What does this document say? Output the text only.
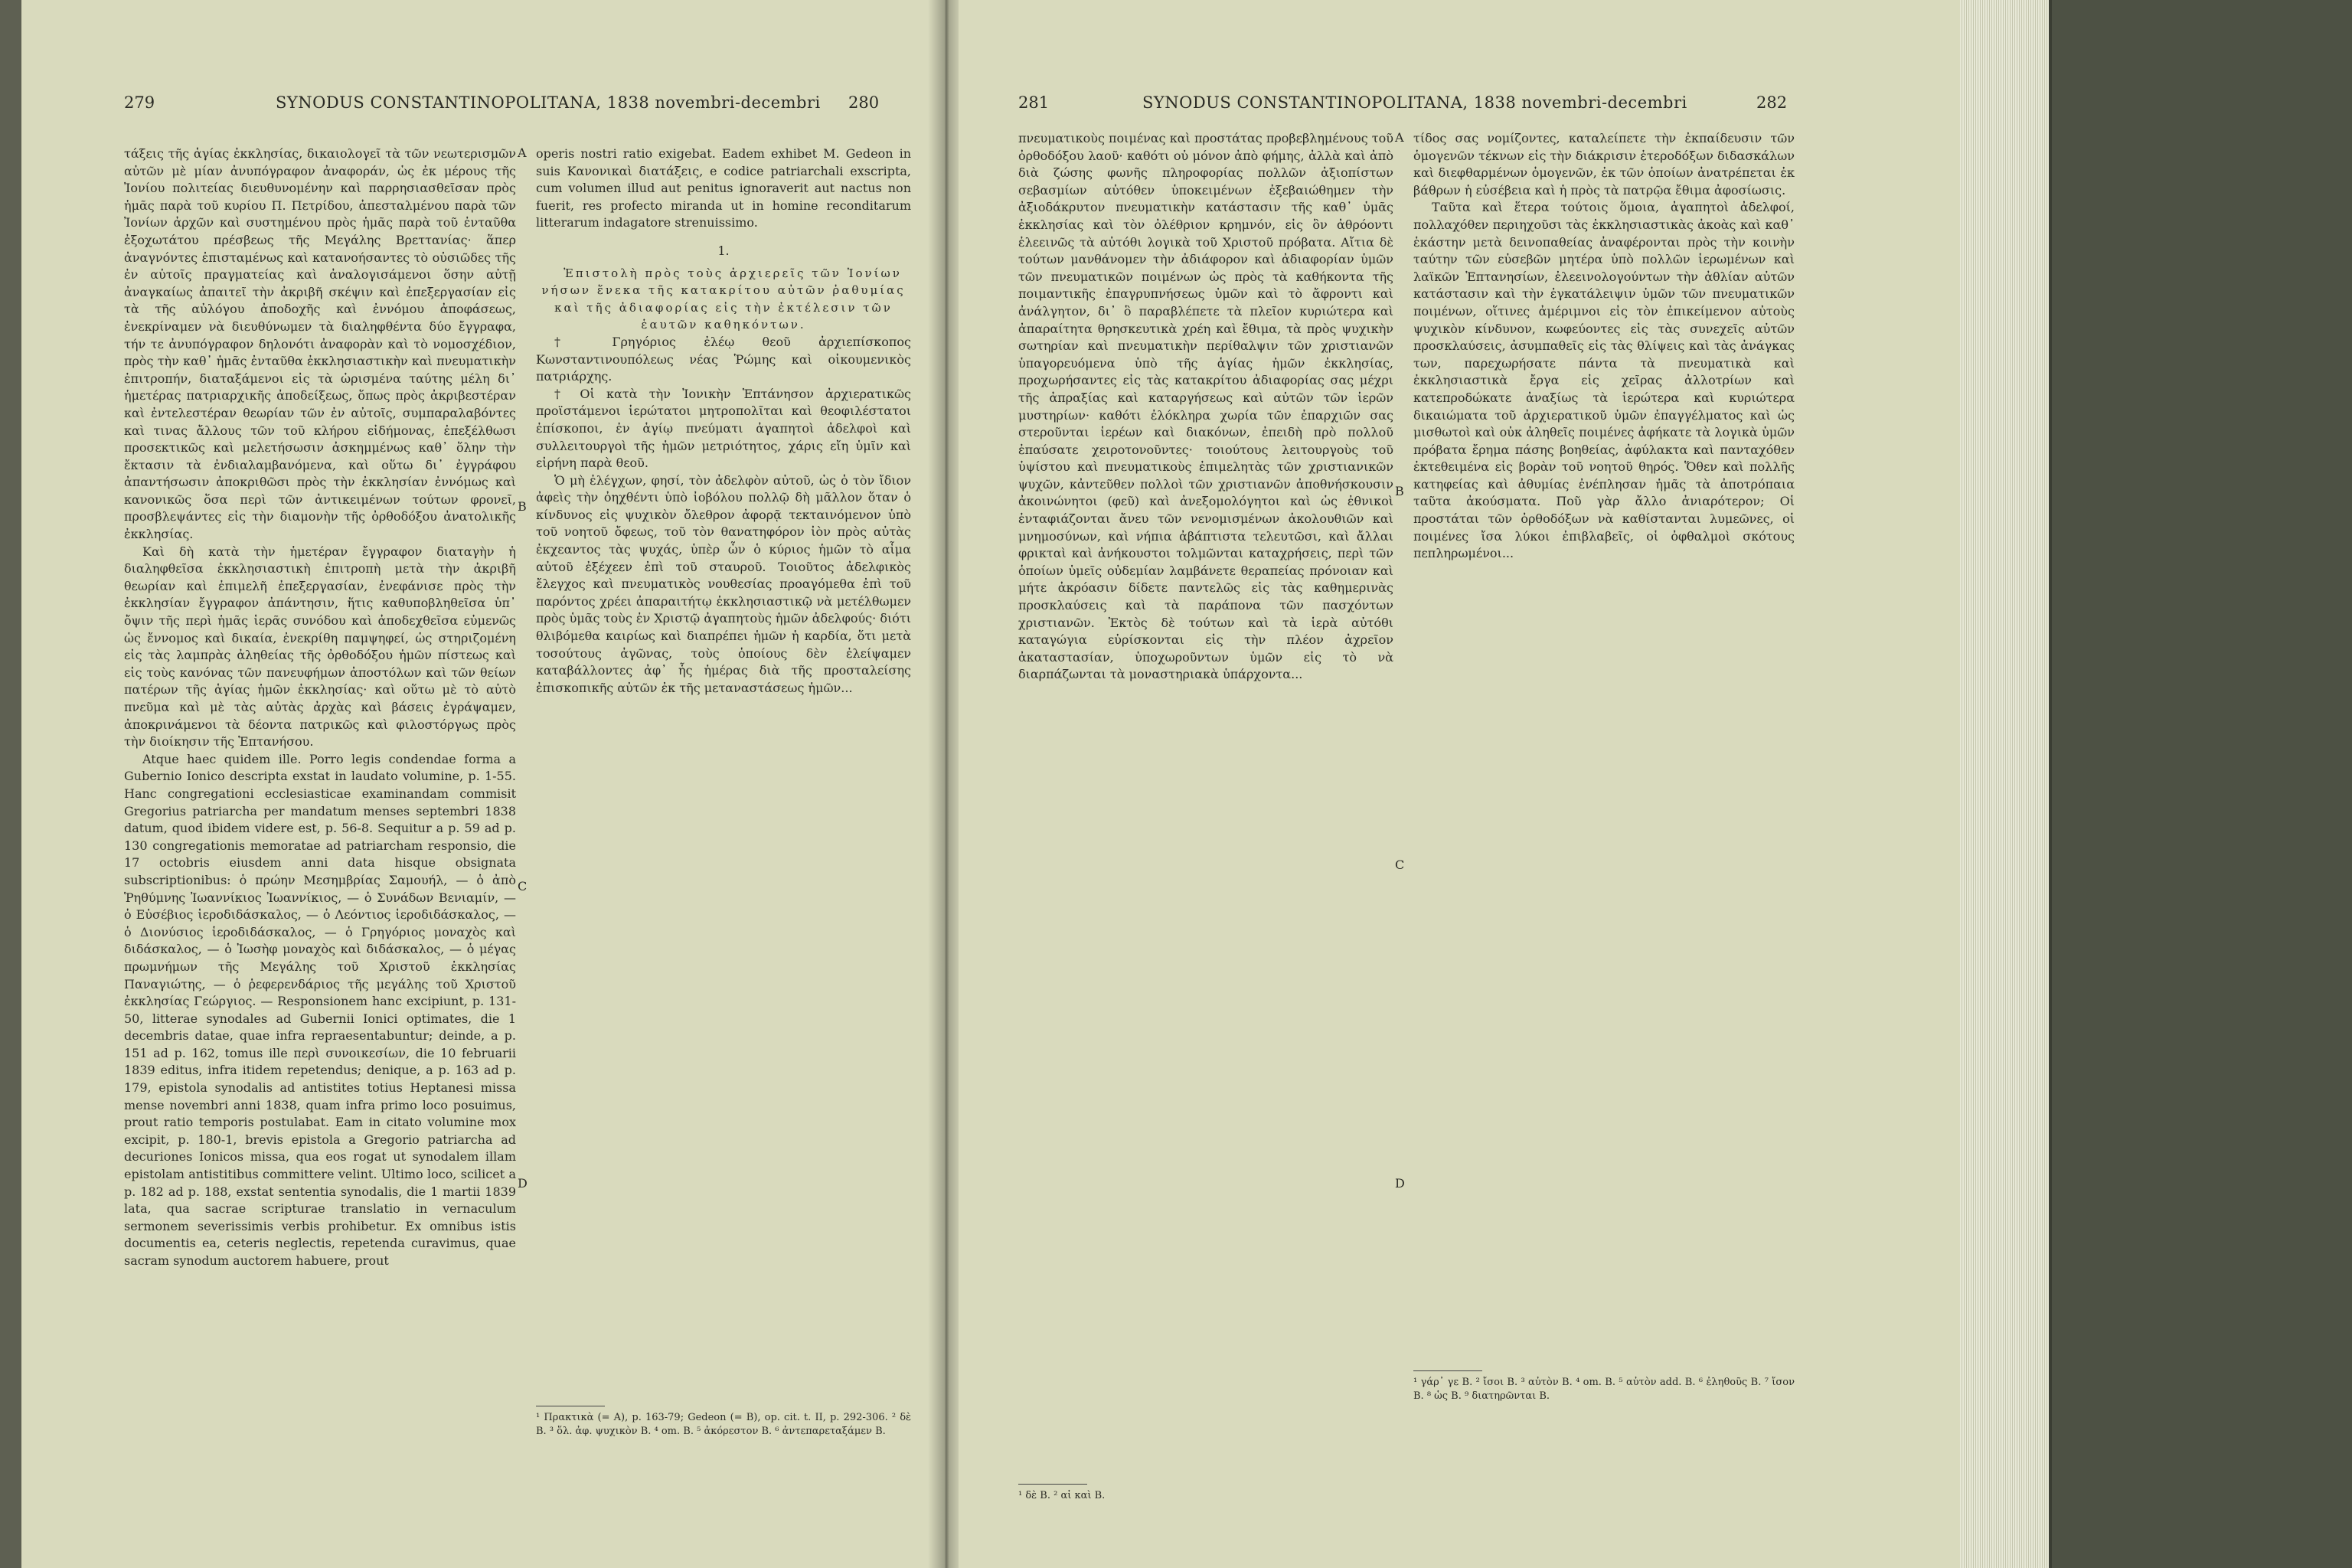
279	SYNODUS CONSTANTINOPOLITANA, 1838 novembri-decembri 280

τάξεις τῆς ἁγίας ἐκκλησίας, δικαιολογεῖ τὰ τῶν νεωτερισμῶν αὐτῶν μὲ μίαν ἀνυπόγραφον ἀναφοράν, ὡς ἐκ μέρους τῆς Ἰονίου πολιτείας διευθυνομένην καὶ παρρησιασθεῖσαν πρὸς ἡμᾶς παρὰ τοῦ κυρίου Π. Πετρίδου, ἀπεσταλμένου παρὰ τῶν Ἰονίων ἀρχῶν καὶ συστημένου πρὸς ἡμᾶς παρὰ τοῦ ἐνταῦθα ἐξοχωτάτου πρέσβεως τῆς Μεγάλης Βρεττανίας· ἅπερ ἀναγνόντες ἐπισταμένως καὶ κατανοήσαντες τὸ οὐσιῶδες τῆς ἐν αὐτοῖς πραγματείας καὶ ἀναλογισάμενοι ὅσην αὐτῇ ἀναγκαίως ἀπαιτεῖ τὴν ἀκριβῆ σκέψιν καὶ ἐπεξεργασίαν εἰς τὰ τῆς αὐλόγου ἀποδοχῆς καὶ ἐννόμου ἀποφάσεως, ἐνεκρίναμεν νὰ διευθύνωμεν τὰ διαληφθέντα δύο ἔγγραφα, τήν τε ἀνυπόγραφον δηλονότι ἀναφορὰν καὶ τὸ νομοσχέδιον, πρὸς τὴν καθ᾽ ἡμᾶς ἐνταῦθα ἐκκλησιαστικὴν καὶ πνευματικὴν ἐπιτροπήν, διαταξάμενοι εἰς τὰ ὡρισμένα ταύτης μέλη δι᾽ ἡμετέρας πατριαρχικῆς ἀποδείξεως, ὅπως πρὸς ἀκριβεστέραν καὶ ἐντελεστέραν θεωρίαν τῶν ἐν αὐτοῖς, συμπαραλαβόντες καὶ τινας ἄλλους τῶν τοῦ κλήρου εἰδήμονας, ἐπεξέλθωσι προσεκτικῶς καὶ μελετήσωσιν ἀσκημμένως καθ᾽ ὅλην τὴν ἔκτασιν τὰ ἐνδιαλαμβανόμενα, καὶ οὕτω δι᾽ ἐγγράφου ἀπαντήσωσιν ἀποκριθῶσι πρὸς τὴν ἐκκλησίαν ἐννόμως καὶ κανονικῶς ὅσα περὶ τῶν ἀντικειμένων τούτων φρονεῖ, προσβλεψάντες εἰς τὴν διαμονὴν τῆς ὀρθοδόξου ἀνατολικῆς ἐκκλησίας.

Καὶ δὴ κατὰ τὴν ἡμετέραν ἔγγραφον διαταγὴν ἡ διαληφθεῖσα ἐκκλησιαστικὴ ἐπιτροπὴ μετὰ τὴν ἀκριβῆ θεωρίαν καὶ ἐπιμελῆ ἐπεξεργασίαν, ἐνεφάνισε πρὸς τὴν ἐκκλησίαν ἔγγραφον ἀπάντησιν, ἥτις καθυποβληθεῖσα ὑπ᾽ ὄψιν τῆς περὶ ἡμᾶς ἱερᾶς συνόδου καὶ ἀποδεχθεῖσα εὐμενῶς ὡς ἔννομος καὶ δικαία, ἐνεκρίθη παμψηφεί, ὡς στηριζομένη εἰς τὰς λαμπρὰς ἀληθείας τῆς ὀρθοδόξου ἡμῶν πίστεως καὶ εἰς τοὺς κανόνας τῶν πανευφήμων ἀποστόλων καὶ τῶν θείων πατέρων τῆς ἁγίας ἡμῶν ἐκκλησίας· καὶ οὕτω μὲ τὸ αὐτὸ πνεῦμα καὶ μὲ τὰς αὐτὰς ἀρχὰς καὶ βάσεις ἐγράψαμεν, ἀποκρινάμενοι τὰ δέοντα πατρικῶς καὶ φιλοστόργως πρὸς τὴν διοίκησιν τῆς Ἑπτανήσου.

Atque haec quidem ille. Porro legis condendae forma a Gubernio Ionico descripta exstat in laudato volumine, p. 1-55. Hanc congregationi ecclesiasticae examinandam commisit Gregorius patriarcha per mandatum menses septembri 1838 datum, quod ibidem videre est, p. 56-8. Sequitur a p. 59 ad p. 130 congregationis memoratae ad patriarcham responsio, die 17 octobris eiusdem anni data hisque obsignata subscriptionibus: ὁ πρώην Μεσημβρίας Σαμουήλ, — ὁ ἀπὸ Ῥηθύμνης Ἰωαννίκιος Ἰωαννίκιος, — ὁ Συνάδων Βενιαμίν, — ὁ Εὐσέβιος ἱεροδιδάσκαλος, — ὁ Λεόντιος ἱεροδιδάσκαλος, — ὁ Διονύσιος ἱεροδιδάσκαλος, — ὁ Γρηγόριος μοναχὸς καὶ διδάσκαλος, — ὁ Ἰωσὴφ μοναχὸς καὶ διδάσκαλος, — ὁ μέγας πρωμνήμων τῆς Μεγάλης τοῦ Χριστοῦ ἐκκλησίας Παναγιώτης, — ὁ ῥεφερενδάριος τῆς μεγάλης τοῦ Χριστοῦ ἐκκλησίας Γεώργιος. — Responsionem hanc excipiunt, p. 131-50, litterae synodales ad Gubernii Ionici optimates, die 1 decembris datae, quae infra repraesentabuntur; deinde, a p. 151 ad p. 162, tomus ille περὶ συνοικεσίων, die 10 februarii 1839 editus, infra itidem repetendus; denique, a p. 163 ad p. 179, epistola synodalis ad antistites totius Heptanesi missa mense novembri anni 1838, quam infra primo loco posuimus, prout ratio temporis postulabat. Eam in citato volumine mox excipit, p. 180-1, brevis epistola a Gregorio patriarcha ad decuriones Ionicos missa, qua eos rogat ut synodalem illam epistolam antistitibus committere velint. Ultimo loco, scilicet a p. 182 ad p. 188, exstat sententia synodalis, die 1 martii 1839 lata, qua sacrae scripturae translatio in vernaculum sermonem severissimis verbis prohibetur. Ex omnibus istis documentis ea, ceteris neglectis, repetenda curavimus, quae sacram synodum auctorem habuere, prout

A
B
C
D

operis nostri ratio exigebat. Eadem exhibet M. Gedeon in suis Κανονικαὶ διατάξεις, e codice patriarchali exscripta, cum volumen illud aut penitus ignoraverit aut nactus non fuerit, res profecto miranda ut in homine reconditarum litterarum indagatore strenuissimo.

1.

Ἐπιστολὴ πρὸς τοὺς ἀρχιερεῖς τῶν Ἰονίων νήσων ἕνεκα τῆς κατακρίτου αὐτῶν ῥαθυμίας καὶ τῆς ἀδιαφορίας εἰς τὴν ἐκτέλεσιν τῶν ἑαυτῶν καθηκόντων.

† Γρηγόριος ἐλέῳ θεοῦ ἀρχιεπίσκοπος Κωνσταντινουπόλεως νέας Ῥώμης καὶ οἰκουμενικὸς πατριάρχης.

† Οἱ κατὰ τὴν Ἰονικὴν Ἑπτάνησον ἀρχιερατικῶς προϊστάμενοι ἱερώτατοι μητροπολῖται καὶ θεοφιλέστατοι ἐπίσκοποι, ἐν ἁγίῳ πνεύματι ἀγαπητοὶ ἀδελφοὶ καὶ συλλειτουργοὶ τῆς ἡμῶν μετριότητος, χάρις εἴη ὑμῖν καὶ εἰρήνη παρὰ θεοῦ.

Ὁ μὴ ἐλέγχων, φησί, τὸν ἀδελφὸν αὐτοῦ, ὡς ὁ τὸν ἴδιον ἀφεὶς τὴν ὀηχθέντι ὑπὸ ἰοβόλου πολλῷ δὴ μᾶλλον ὅταν ὁ κίνδυνος εἰς ψυχικὸν ὄλεθρον ἀφορᾷ τεκταινόμενον ὑπὸ τοῦ νοητοῦ ὄφεως, τοῦ τὸν θανατηφόρον ἰὸν πρὸς αὐτὰς ἐκχεαντος τὰς ψυχάς, ὑπὲρ ὧν ὁ κύριος ἡμῶν τὸ αἷμα αὐτοῦ ἐξέχεεν ἐπὶ τοῦ σταυροῦ. Τοιοῦτος ἀδελφικὸς ἔλεγχος καὶ πνευματικὸς νουθεσίας προαγόμεθα ἐπὶ τοῦ παρόντος χρέει ἀπαραιτήτῳ ἐκκλησιαστικῷ νὰ μετέλθωμεν πρὸς ὑμᾶς τοὺς ἐν Χριστῷ ἀγαπητοὺς ἡμῶν ἀδελφούς· διότι θλιβόμεθα καιρίως καὶ διαπρέπει ἡμῶν ἡ καρδία, ὅτι μετὰ τοσούτους ἀγῶνας, τοὺς ὁποίους δὲν ἐλείψαμεν καταβάλλοντες ἀφ᾽ ἧς ἡμέρας διὰ τῆς προσταλείσης ἐπισκοπικῆς αὐτῶν ἐκ τῆς μεταναστάσεως ἡμῶν...

¹ Πρακτικὰ (= A), p. 163-79; Gedeon (= B), op. cit. t. II, p. 292-306. ² δὲ B. ³ ὅλ. ἀφ. ψυχικὸν B. ⁴ om. B. ⁵ ἀκόρεστον B. ⁶ ἀντεπαρεταξάμεν B.
281	SYNODUS CONSTANTINOPOLITANA, 1838 novembri-decembri	282

πνευματικοὺς ποιμένας καὶ προστάτας προβεβλημένους τοῦ ὀρθοδόξου λαοῦ· καθότι οὐ μόνον ἀπὸ φήμης, ἀλλὰ καὶ ἀπὸ διὰ ζώσης φωνῆς πληροφορίας πολλῶν ἀξιοπίστων σεβασμίων αὐτόθεν ὑποκειμένων ἐξεβαιώθημεν τὴν ἀξιοδάκρυτον πνευματικὴν κατάστασιν τῆς καθ᾽ ὑμᾶς ἐκκλησίας καὶ τὸν ὀλέθριον κρημνόν, εἰς ὃν ἀθρόοντι ἐλεεινῶς τὰ αὐτόθι λογικὰ τοῦ Χριστοῦ πρόβατα. Αἴτια δὲ τούτων μανθάνομεν τὴν ἀδιάφορον καὶ ἀδιαφορίαν ὑμῶν τῶν πνευματικῶν ποιμένων ὡς πρὸς τὰ καθήκοντα τῆς ποιμαντικῆς ἐπαγρυπνήσεως ὑμῶν καὶ τὸ ἄφροντι καὶ ἀνάλγητον, δι᾽ ὃ παραβλέπετε τὰ πλεῖον κυριώτερα καὶ ἀπαραίτητα θρησκευτικὰ χρέη καὶ ἔθιμα, τὰ πρὸς ψυχικὴν σωτηρίαν καὶ πνευματικὴν περίθαλψιν τῶν χριστιανῶν ὑπαγορευόμενα ὑπὸ τῆς ἁγίας ἡμῶν ἐκκλησίας, προχωρήσαντες εἰς τὰς κατακρίτου ἀδιαφορίας σας μέχρι τῆς ἀπραξίας καὶ καταργήσεως καὶ αὐτῶν τῶν ἱερῶν μυστηρίων· καθότι ἐλόκληρα χωρία τῶν ἐπαρχιῶν σας στεροῦνται ἱερέων καὶ διακόνων, ἐπειδὴ πρὸ πολλοῦ ἐπαύσατε χειροτονοῦντες· τοιούτους λειτουργοὺς τοῦ ὑψίστου καὶ πνευματικοὺς ἐπιμελητὰς τῶν χριστιανικῶν ψυχῶν, κἀντεῦθεν πολλοὶ τῶν χριστιανῶν ἀποθνήσκουσιν ἀκοινώνητοι (φεῦ) καὶ ἀνεξομολόγητοι καὶ ὡς ἐθνικοὶ ἐνταφιάζονται ἄνευ τῶν νενομισμένων ἀκολουθιῶν καὶ μνημοσύνων, καὶ νήπια ἀβάπτιστα τελευτῶσι, καὶ ἄλλαι φρικταὶ καὶ ἀνήκουστοι τολμῶνται καταχρήσεις, περὶ τῶν ὁποίων ὑμεῖς οὐδεμίαν λαμβάνετε θεραπείας πρόνοιαν καὶ μήτε ἀκρόασιν δίδετε παντελῶς εἰς τὰς καθημερινὰς προσκλαύσεις καὶ τὰ παράπονα τῶν πασχόντων χριστιανῶν. Ἐκτὸς δὲ τούτων καὶ τὰ ἱερὰ αὐτόθι καταγώγια εὑρίσκονται εἰς τὴν πλέον ἀχρεῖον ἀκαταστασίαν, ὑποχωροῦντων ὑμῶν εἰς τὸ νὰ διαρπάζωνται τὰ μοναστηριακὰ ὑπάρχοντα...

A
B
C
D

τίδος σας νομίζοντες, καταλείπετε τὴν ἐκπαίδευσιν τῶν ὁμογενῶν τέκνων εἰς τὴν διάκρισιν ἑτεροδόξων διδασκάλων καὶ διεφθαρμένων ὁμογενῶν, ἐκ τῶν ὁποίων ἀνατρέπεται ἐκ βάθρων ἡ εὐσέβεια καὶ ἡ πρὸς τὰ πατρῷα ἔθιμα ἀφοσίωσις.

Ταῦτα καὶ ἕτερα τούτοις ὅμοια, ἀγαπητοὶ ἀδελφοί, πολλαχόθεν περιηχοῦσι τὰς ἐκκλησιαστικὰς ἀκοὰς καὶ καθ᾽ ἑκάστην μετὰ δεινοπαθείας ἀναφέρονται πρὸς τὴν κοινὴν ταύτην τῶν εὐσεβῶν μητέρα ὑπὸ πολλῶν ἱερωμένων καὶ λαϊκῶν Ἑπτανησίων, ἐλεεινολογούντων τὴν ἀθλίαν αὐτῶν κατάστασιν καὶ τὴν ἐγκατάλειψιν ὑμῶν τῶν πνευματικῶν ποιμένων, οἵτινες ἀμέριμνοι εἰς τὸν ἐπικείμενον αὐτοὺς ψυχικὸν κίνδυνον, κωφεύοντες εἰς τὰς συνεχεῖς αὐτῶν προσκλαύσεις, ἀσυμπαθεῖς εἰς τὰς θλίψεις καὶ τὰς ἀνάγκας των, παρεχωρήσατε πάντα τὰ πνευματικὰ καὶ ἐκκλησιαστικὰ ἔργα εἰς χεῖρας ἀλλοτρίων καὶ κατεπροδώκατε ἀναξίως τὰ ἱερώτερα καὶ κυριώτερα δικαιώματα τοῦ ἀρχιερατικοῦ ὑμῶν ἐπαγγέλματος καὶ ὡς μισθωτοὶ καὶ οὐκ ἀληθεῖς ποιμένες ἀφήκατε τὰ λογικὰ ὑμῶν πρόβατα ἔρημα πάσης βοηθείας, ἀφύλακτα καὶ πανταχόθεν ἐκτεθειμένα εἰς βορὰν τοῦ νοητοῦ θηρός. Ὅθεν καὶ πολλῆς κατηφείας καὶ ἀθυμίας ἐνέπλησαν ἡμᾶς τὰ ἀποτρόπαια ταῦτα ἀκούσματα. Ποῦ γὰρ ἄλλο ἀνιαρότερον; Οἱ προστάται τῶν ὀρθοδόξων νὰ καθίστανται λυμεῶνες, οἱ ποιμένες ἴσα λύκοι ἐπιβλαβεῖς, οἱ ὀφθαλμοὶ σκότους πεπληρωμένοι...

¹ δὲ B. ² αἱ καὶ B.
¹ γάρ᾽ γε B. ² ἴσοι B. ³ αὐτὸν B. ⁴ om. B. ⁵ αὐτὸν add. B. ⁶ ἐληθοῦς B. ⁷ ἴσον B. ⁸ ὡς B. ⁹ διατηρῶνται B.
